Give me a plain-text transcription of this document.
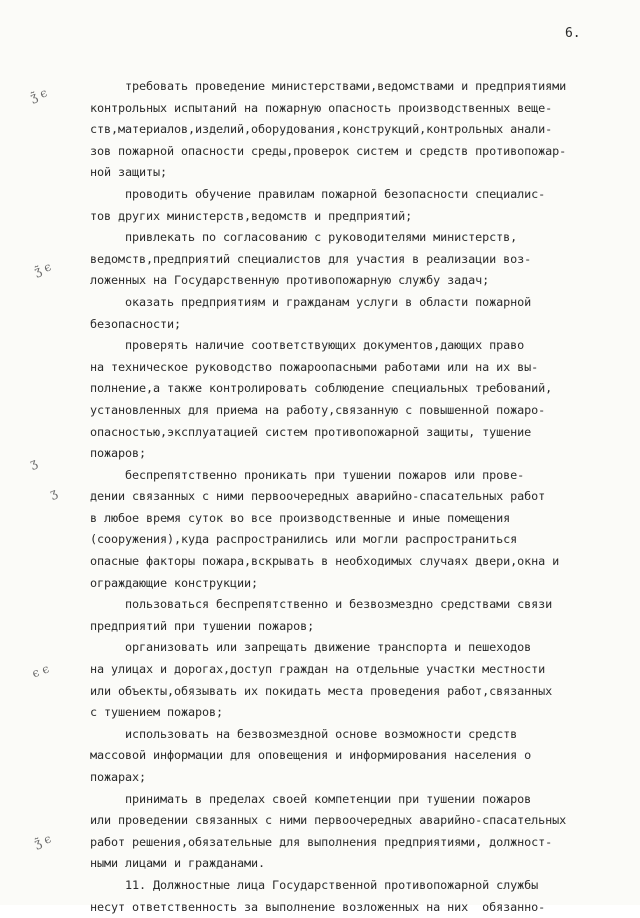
6.
ӡ̃ ϵ
ӡ̃ ϵ
ӡ
ӡ
ϵ ϵ
ӡ̃ ϵ
требовать проведение министерствами,ведомствами и предприятиями
контрольных испытаний на пожарную опасность производственных веще-
ств,материалов,изделий,оборудования,конструкций,контрольных анали-
зов пожарной опасности среды,проверок систем и средств противопожар-
ной защиты;
проводить обучение правилам пожарной безопасности специалис-
тов других министерств,ведомств и предприятий;
привлекать по согласованию с руководителями министерств,
ведомств,предприятий специалистов для участия в реализации воз-
ложенных на Государственную противопожарную службу задач;
оказать предприятиям и гражданам услуги в области пожарной
безопасности;
проверять наличие соответствующих документов,дающих право
на техническое руководство пожароопасными работами или на их вы-
полнение,а также контролировать соблюдение специальных требований,
установленных для приема на работу,связанную с повышенной пожаро-
опасностью,эксплуатацией систем противопожарной защиты, тушение
пожаров;
беспрепятственно проникать при тушении пожаров или прове-
дении связанных с ними первоочередных аварийно-спасательных работ
в любое время суток во все производственные и иные помещения
(сооружения),куда распространились или могли распространиться
опасные факторы пожара,вскрывать в необходимых случаях двери,окна и
ограждающие конструкции;
пользоваться беспрепятственно и безвозмездно средствами связи
предприятий при тушении пожаров;
организовать или запрещать движение транспорта и пешеходов
на улицах и дорогах,доступ граждан на отдельные участки местности
или объекты,обязывать их покидать места проведения работ,связанных
с тушением пожаров;
использовать на безвозмездной основе возможности средств
массовой информации для оповещения и информирования населения о
пожарах;
принимать в пределах своей компетенции при тушении пожаров
или проведении связанных с ними первоочередных аварийно-спасательных
работ решения,обязательные для выполнения предприятиями, должност-
ными лицами и гражданами.
11. Должностные лица Государственной противопожарной службы
несут ответственность за выполнение возложенных на них  обязанно-
